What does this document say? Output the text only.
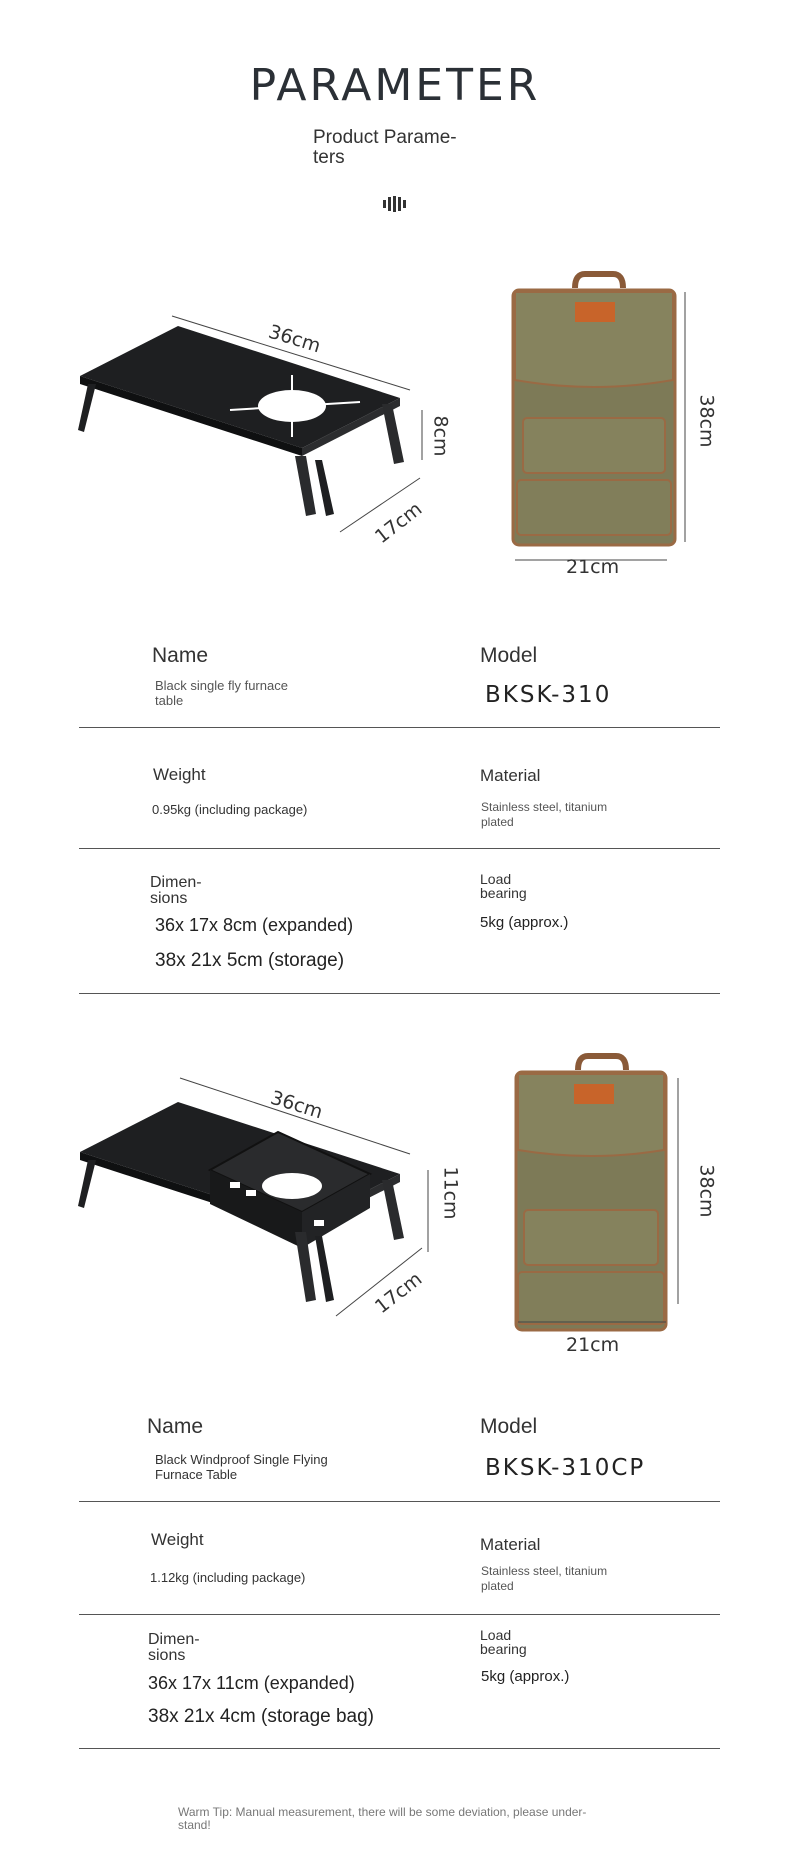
PARAMETER
Product Parame- ters
36cm
8cm
17cm
38cm
21cm
Name
Black single fly furnace table
Model
BKSK-310
Weight
0.95kg (including package)
Material
Stainless steel, titanium plated
Dimen- sions
36x 17x 8cm (expanded)
38x 21x 5cm (storage)
Load bearing
5kg (approx.)
36cm
11cm
17cm
38cm
21cm
Name
Black Windproof Single Flying Furnace Table
Model
BKSK-310CP
Weight
1.12kg (including package)
Material
Stainless steel, titanium plated
Dimen- sions
36x 17x 11cm (expanded)
38x 21x 4cm (storage bag)
Load bearing
5kg (approx.)
Warm Tip: Manual measurement, there will be some deviation, please under- stand!
